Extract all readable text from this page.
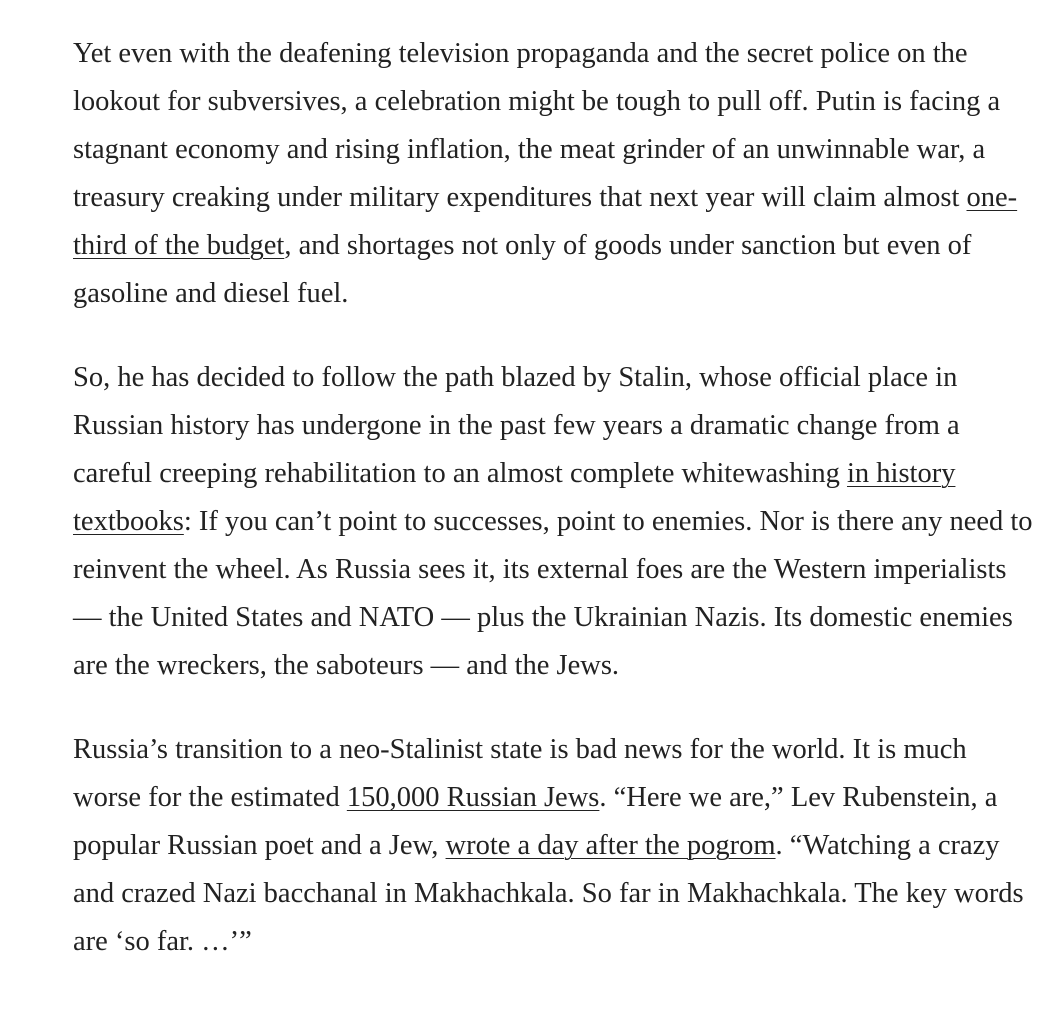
Yet even with the deafening television propaganda and the secret police on the lookout for subversives, a celebration might be tough to pull off. Putin is facing a stagnant economy and rising inflation, the meat grinder of an unwinnable war, a treasury creaking under military expenditures that next year will claim almost one-third of the budget, and shortages not only of goods under sanction but even of gasoline and diesel fuel.

So, he has decided to follow the path blazed by Stalin, whose official place in Russian history has undergone in the past few years a dramatic change from a careful creeping rehabilitation to an almost complete whitewashing in history textbooks: If you can’t point to successes, point to enemies. Nor is there any need to reinvent the wheel. As Russia sees it, its external foes are the Western imperialists — the United States and NATO — plus the Ukrainian Nazis. Its domestic enemies are the wreckers, the saboteurs — and the Jews.

Russia’s transition to a neo-Stalinist state is bad news for the world. It is much worse for the estimated 150,000 Russian Jews. “Here we are,” Lev Rubenstein, a popular Russian poet and a Jew, wrote a day after the pogrom. “Watching a crazy and crazed Nazi bacchanal in Makhachkala. So far in Makhachkala. The key words are ‘so far. …’”
